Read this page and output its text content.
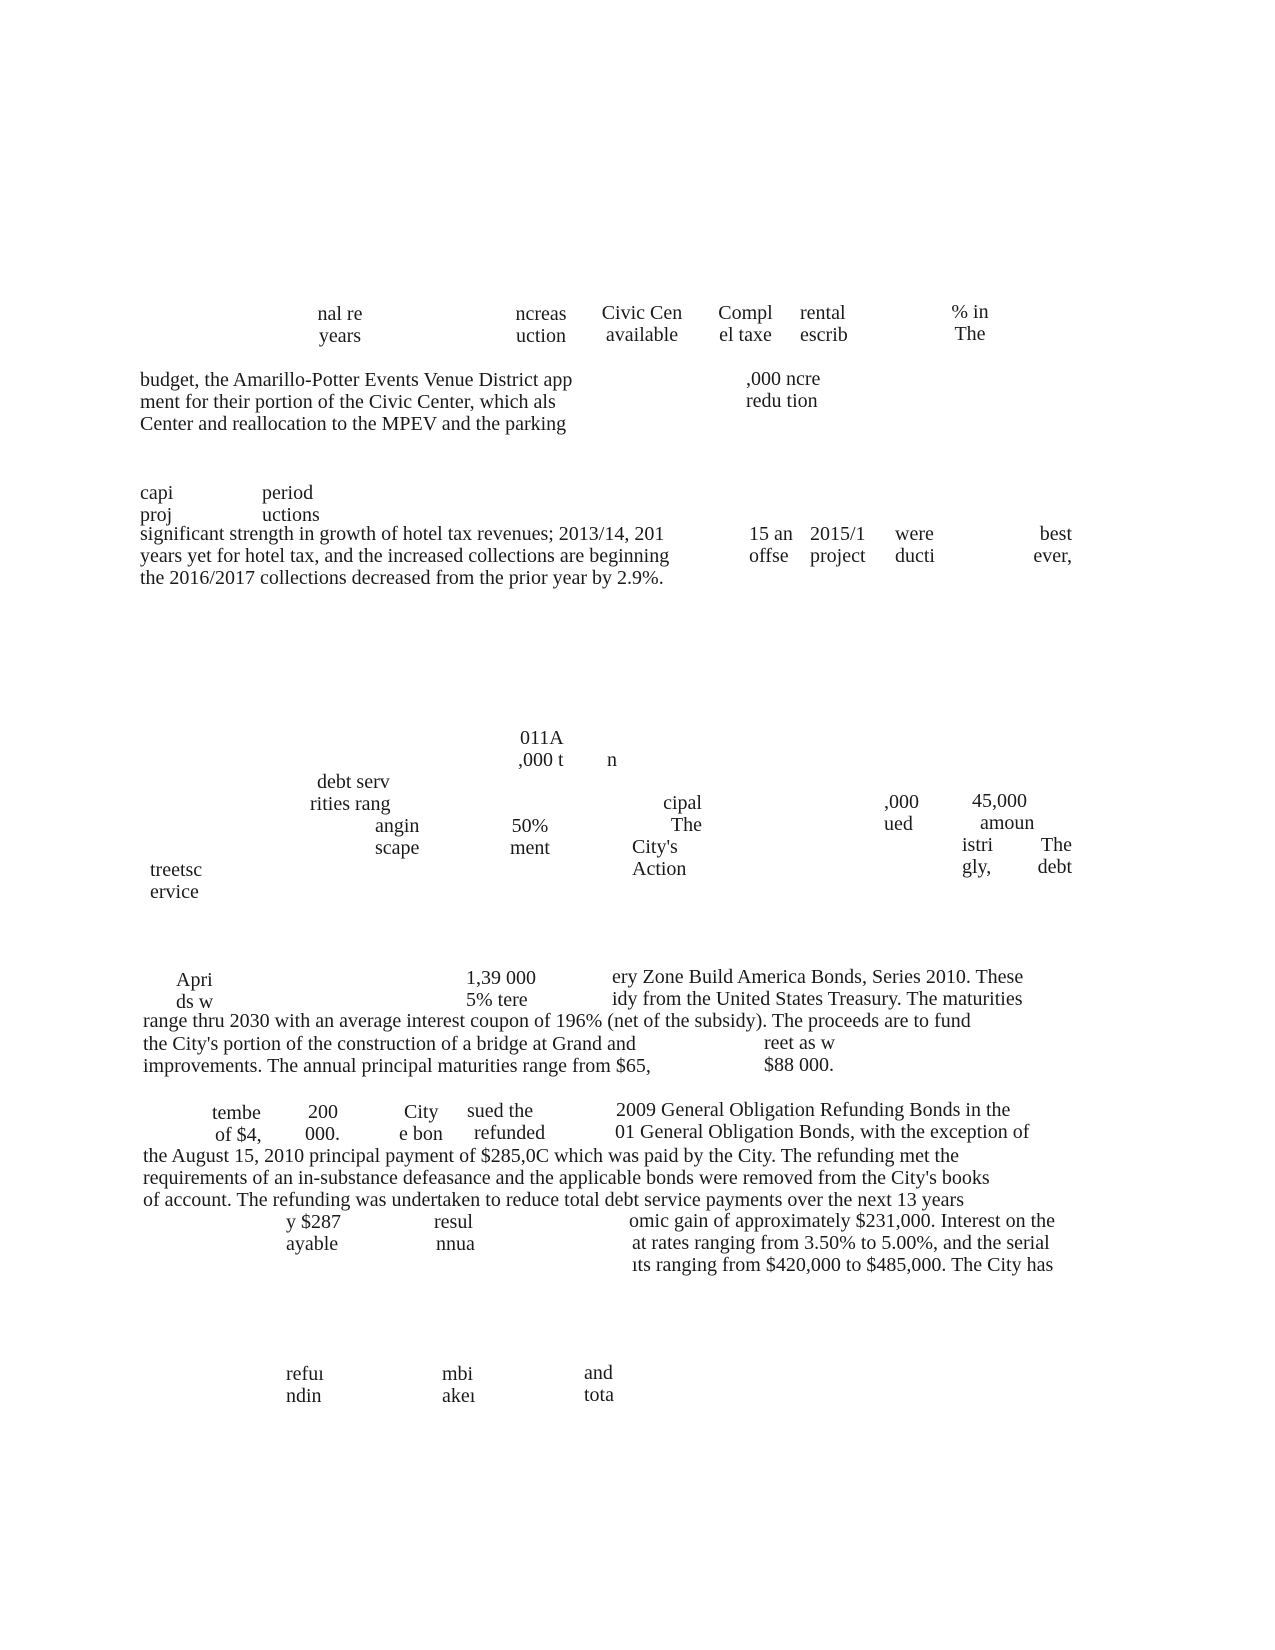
nal re
years
ncreas
uction
Civic Cen
available
Compl
el taxe
rental
escrib
% in
The
budget, the Amarillo-Potter Events Venue District app
ment for their portion of the Civic Center, which als
Center and reallocation to the MPEV and the parking
,000 ncre
redu tion
capi
proj
period
uctions
significant strength in growth of hotel tax revenues; 2013/14, 201
years yet for hotel tax, and the increased collections are beginning
the 2016/2017 collections decreased from the prior year by 2.9%.
15 an
offse
2015/1
project
were
ducti
best
ever,
011A
,000 t n
debt serv
rities rang
angin
scape
50%
ment
cipal
The
City's
Action
,000
ued
45,000
amoun
istri
gly,
The
debt
treetsc
ervice
Apri	1,39 000	ery Zone Build America Bonds, Series 2010. These
ds w	5% tere	idy from the United States Treasury. The maturities
range thru 2030 with an average interest coupon of 196% (net of the subsidy). The proceeds are to fund
the City's portion of the construction of a bridge at Grand and	reet as w
improvements. The annual principal maturities range from $65,	$88 000.
tembe 200	City sued the	2009 General Obligation Refunding Bonds in the
of $4, 000.	e bon refunded	01 General Obligation Bonds, with the exception of
the August 15, 2010 principal payment of $285,0C which was paid by the City. The refunding met the
requirements of an in-substance defeasance and the applicable bonds were removed from the City's books
of account. The refunding was undertaken to reduce total debt service payments over the next 13 years
y $287	resul	omic gain of approximately $231,000. Interest on the
ayable	nnua	at rates ranging from 3.50% to 5.00%, and the serial
ıts ranging from $420,000 to $485,000. The City has
refuı
ndin
mbi
akeı
and
tota
